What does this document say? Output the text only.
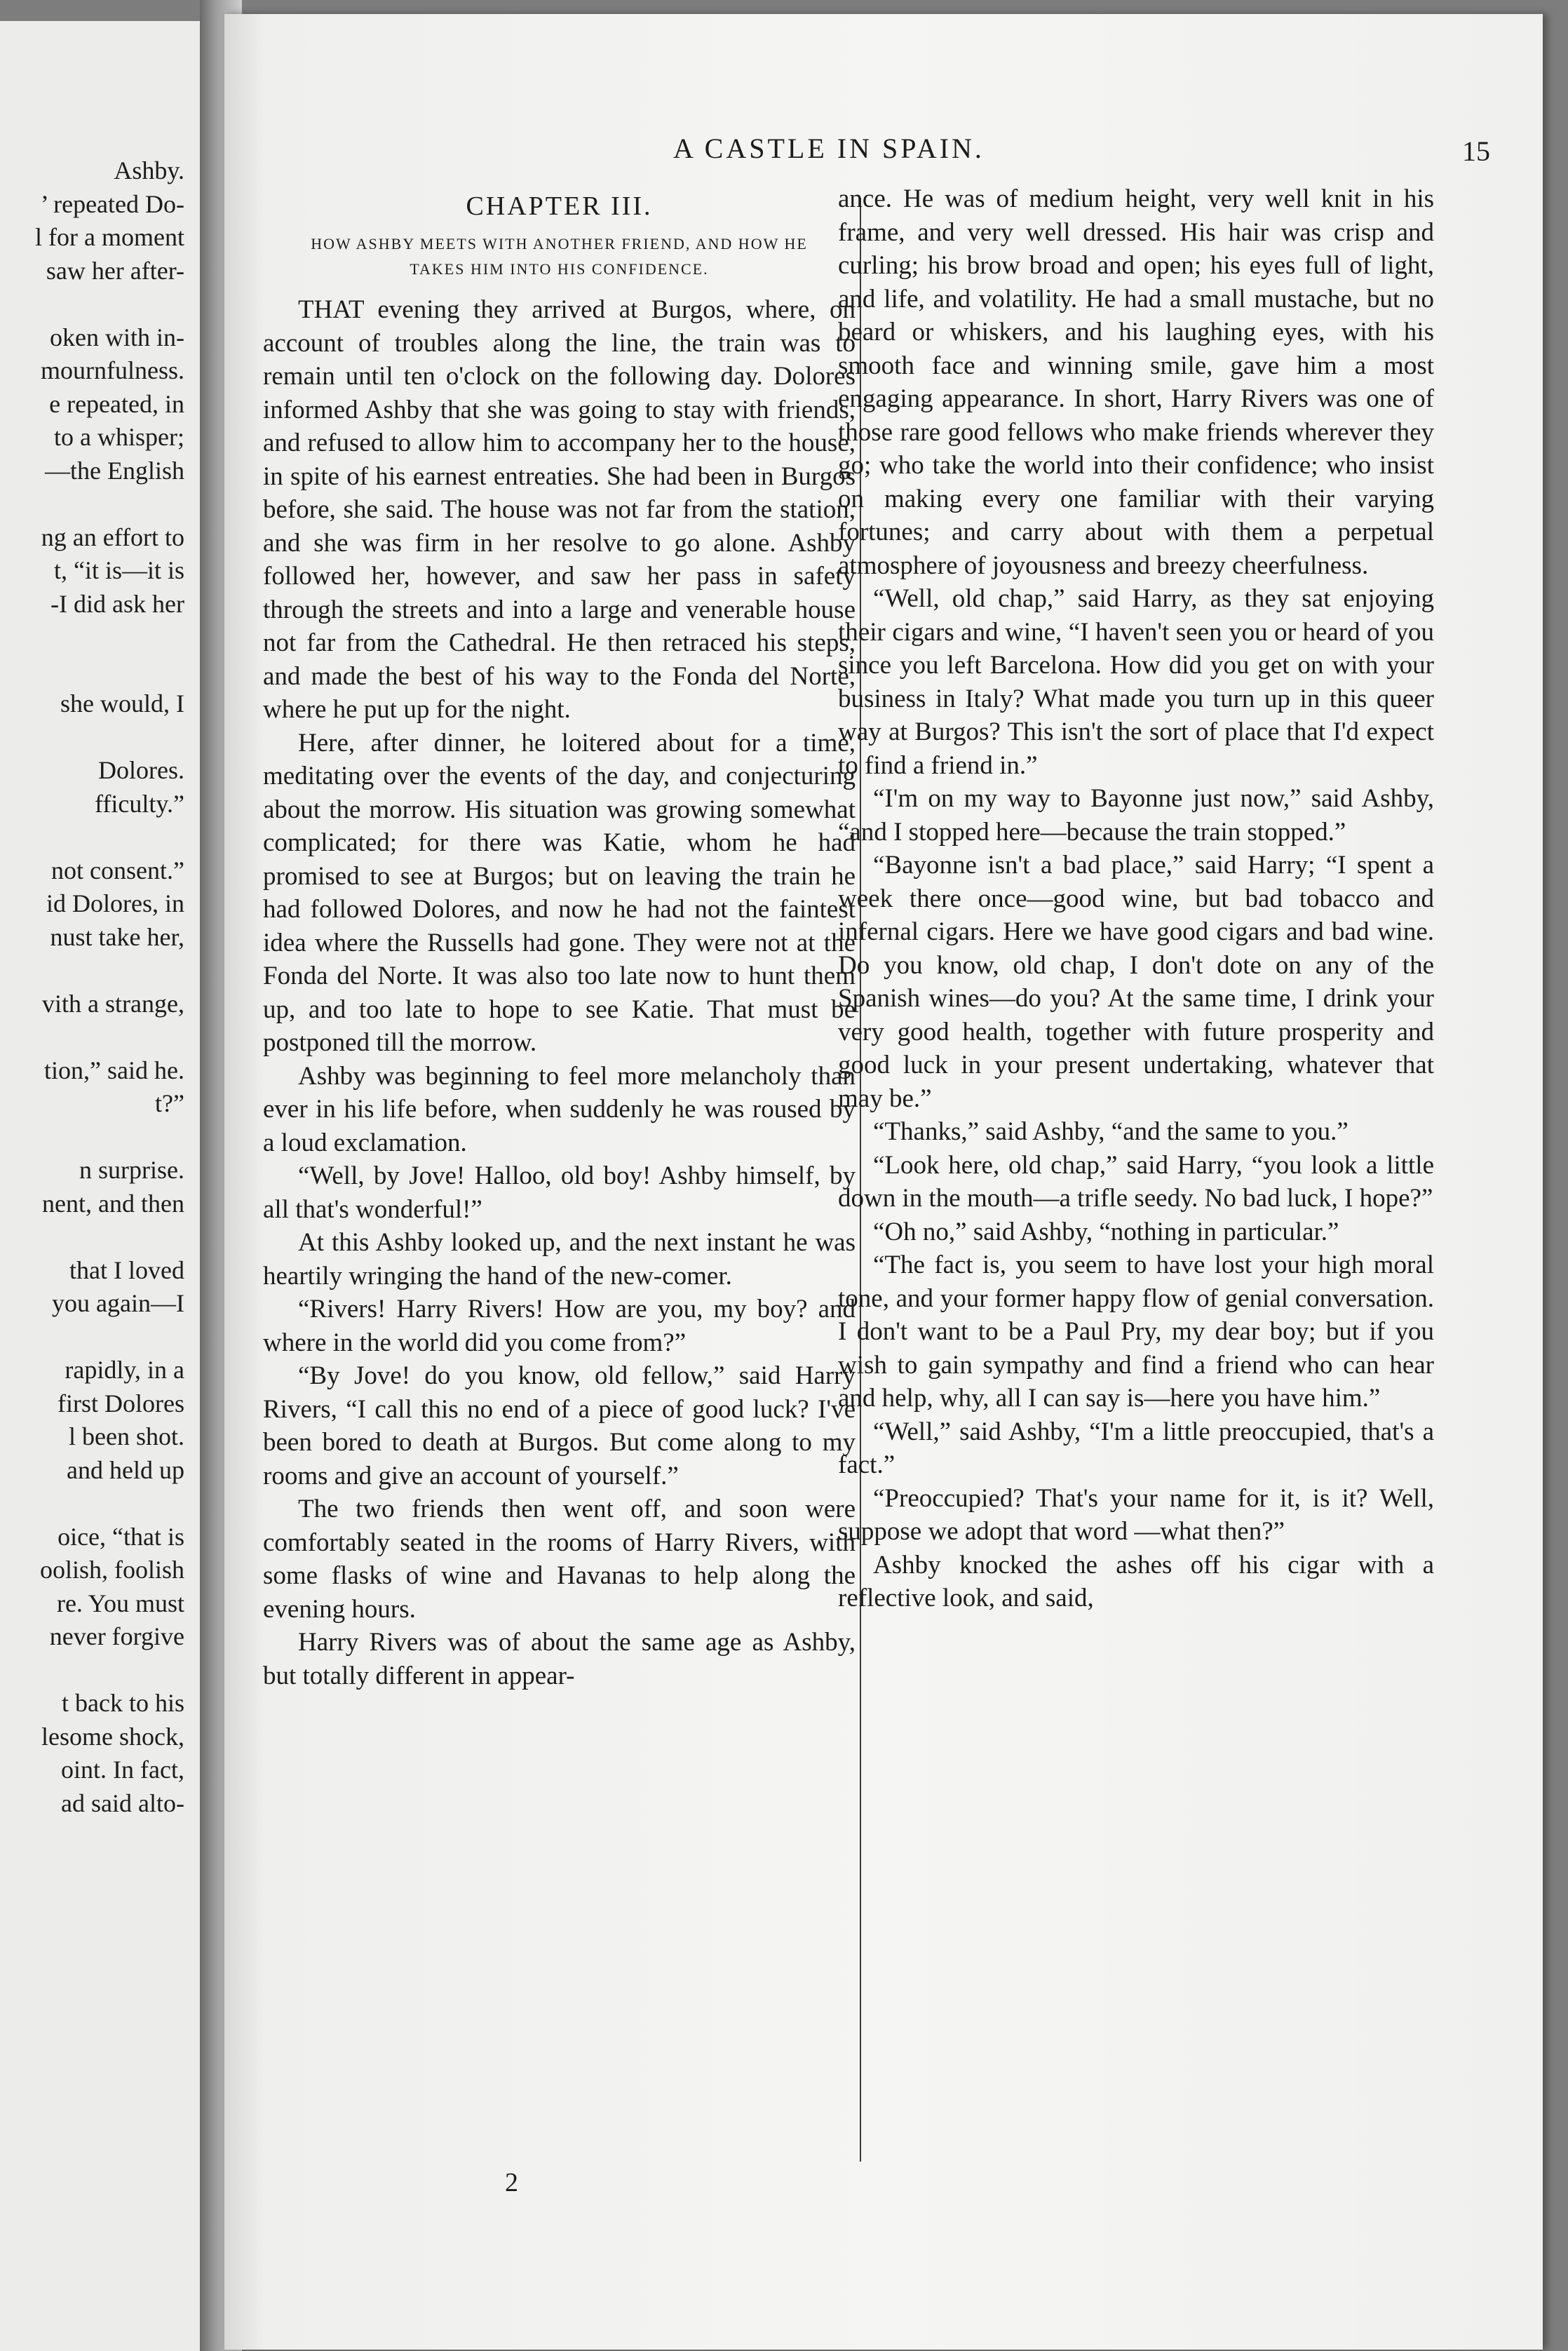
Ashby.
’ repeated Do-
l for a moment
saw her after-
oken with in-
mournfulness.
e repeated, in
to a whisper;
—the English
ng an effort to
t, “it is—it is
-I did ask her
she would, I
Dolores.
fficulty.”
not consent.”
id Dolores, in
nust take her,
vith a strange,
tion,” said he.
t?”
n surprise.
nent, and then
that I loved
you again—I
rapidly, in a
first Dolores
l been shot.
and held up
oice, “that is
oolish, foolish
re. You must
never forgive
t back to his
lesome shock,
oint. In fact,
ad said alto-
A CASTLE IN SPAIN.	15
CHAPTER III.
HOW ASHBY MEETS WITH ANOTHER FRIEND, AND HOW HE TAKES HIM INTO HIS CONFIDENCE.

THAT evening they arrived at Burgos, where, on account of troubles along the line, the train was to remain until ten o'clock on the following day. Dolores informed Ashby that she was going to stay with friends, and refused to allow him to accompany her to the house, in spite of his earnest entreaties. She had been in Burgos before, she said. The house was not far from the station, and she was firm in her resolve to go alone. Ashby followed her, however, and saw her pass in safety through the streets and into a large and venerable house not far from the Cathedral. He then retraced his steps, and made the best of his way to the Fonda del Norte, where he put up for the night.

Here, after dinner, he loitered about for a time, meditating over the events of the day, and conjecturing about the morrow. His situation was growing somewhat complicated; for there was Katie, whom he had promised to see at Burgos; but on leaving the train he had followed Dolores, and now he had not the faintest idea where the Russells had gone. They were not at the Fonda del Norte. It was also too late now to hunt them up, and too late to hope to see Katie. That must be postponed till the morrow.

Ashby was beginning to feel more melancholy than ever in his life before, when suddenly he was roused by a loud exclamation.

“Well, by Jove! Halloo, old boy! Ashby himself, by all that's wonderful!”

At this Ashby looked up, and the next instant he was heartily wringing the hand of the new-comer.

“Rivers! Harry Rivers! How are you, my boy? and where in the world did you come from?”

“By Jove! do you know, old fellow,” said Harry Rivers, “I call this no end of a piece of good luck? I've been bored to death at Burgos. But come along to my rooms and give an account of yourself.”

The two friends then went off, and soon were comfortably seated in the rooms of Harry Rivers, with some flasks of wine and Havanas to help along the evening hours.

Harry Rivers was of about the same age as Ashby, but totally different in appear-

ance. He was of medium height, very well knit in his frame, and very well dressed. His hair was crisp and curling; his brow broad and open; his eyes full of light, and life, and volatility. He had a small mustache, but no beard or whiskers, and his laughing eyes, with his smooth face and winning smile, gave him a most engaging appearance. In short, Harry Rivers was one of those rare good fellows who make friends wherever they go; who take the world into their confidence; who insist on making every one familiar with their varying fortunes; and carry about with them a perpetual atmosphere of joyousness and breezy cheerfulness.

“Well, old chap,” said Harry, as they sat enjoying their cigars and wine, “I haven't seen you or heard of you since you left Barcelona. How did you get on with your business in Italy? What made you turn up in this queer way at Burgos? This isn't the sort of place that I'd expect to find a friend in.”

“I'm on my way to Bayonne just now,” said Ashby, “and I stopped here—because the train stopped.”

“Bayonne isn't a bad place,” said Harry; “I spent a week there once—good wine, but bad tobacco and infernal cigars. Here we have good cigars and bad wine. Do you know, old chap, I don't dote on any of the Spanish wines—do you? At the same time, I drink your very good health, together with future prosperity and good luck in your present undertaking, whatever that may be.”

“Thanks,” said Ashby, “and the same to you.”

“Look here, old chap,” said Harry, “you look a little down in the mouth—a trifle seedy. No bad luck, I hope?”

“Oh no,” said Ashby, “nothing in particular.”

“The fact is, you seem to have lost your high moral tone, and your former happy flow of genial conversation. I don't want to be a Paul Pry, my dear boy; but if you wish to gain sympathy and find a friend who can hear and help, why, all I can say is—here you have him.”

“Well,” said Ashby, “I'm a little preoccupied, that's a fact.”

“Preoccupied? That's your name for it, is it? Well, suppose we adopt that word —what then?”

Ashby knocked the ashes off his cigar with a reflective look, and said,

2
